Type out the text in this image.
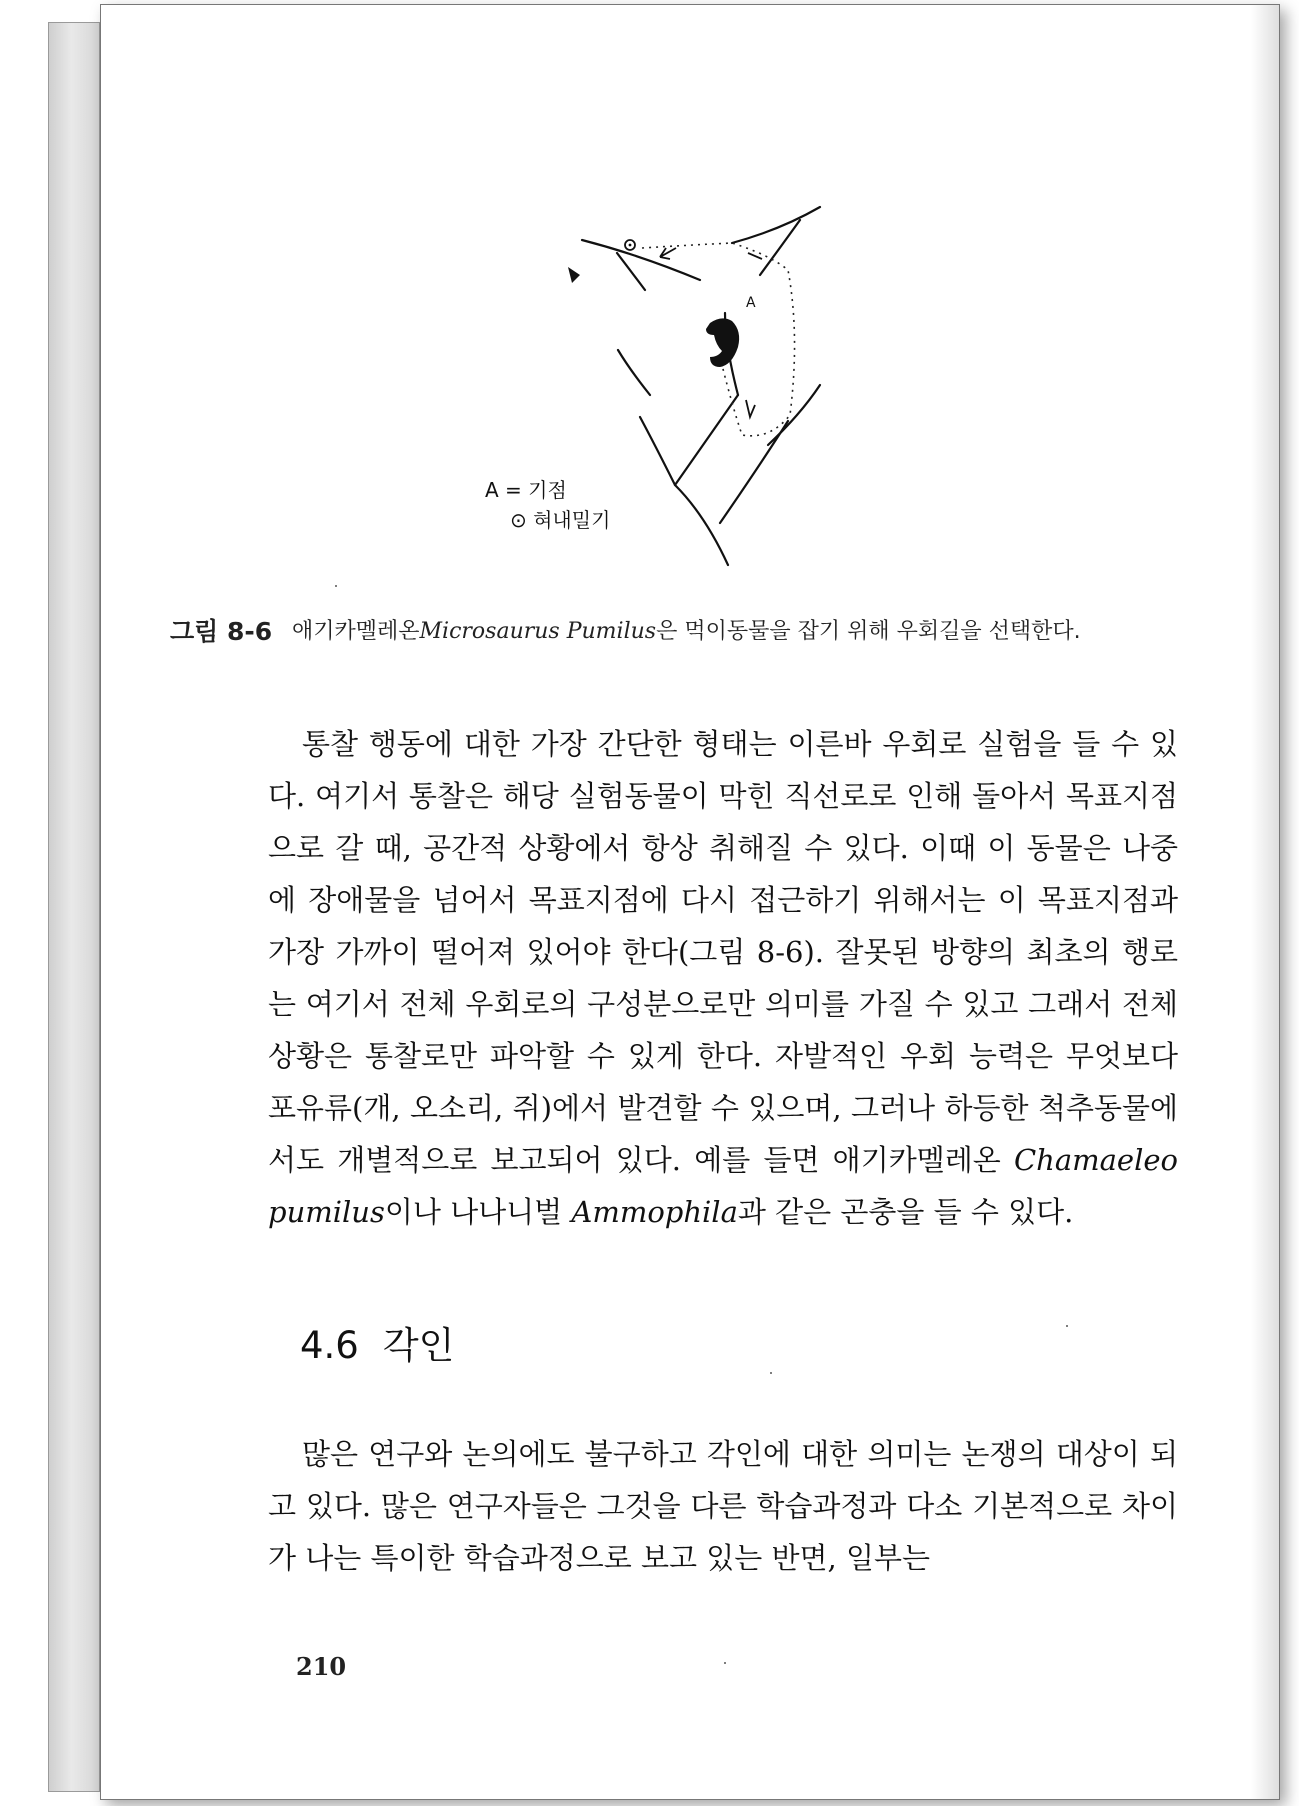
A
A = 기점
⊙ 혀내밀기
그림 8-6 애기카멜레온Microsaurus Pumilus은 먹이동물을 잡기 위해 우회길을 선택한다.
통찰 행동에 대한 가장 간단한 형태는 이른바 우회로 실험을 들 수 있다. 여기서 통찰은 해당 실험동물이 막힌 직선로로 인해 돌아서 목표지점으로 갈 때, 공간적 상황에서 항상 취해질 수 있다. 이때 이 동물은 나중에 장애물을 넘어서 목표지점에 다시 접근하기 위해서는 이 목표지점과 가장 가까이 떨어져 있어야 한다(그림 8-6). 잘못된 방향의 최초의 행로는 여기서 전체 우회로의 구성분으로만 의미를 가질 수 있고 그래서 전체 상황은 통찰로만 파악할 수 있게 한다. 자발적인 우회 능력은 무엇보다 포유류(개, 오소리, 쥐)에서 발견할 수 있으며, 그러나 하등한 척추동물에서도 개별적으로 보고되어 있다. 예를 들면 애기카멜레온 Chamaeleo pumilus이나 나나니벌 Ammophila과 같은 곤충을 들 수 있다.
4.6 각인
많은 연구와 논의에도 불구하고 각인에 대한 의미는 논쟁의 대상이 되고 있다. 많은 연구자들은 그것을 다른 학습과정과 다소 기본적으로 차이가 나는 특이한 학습과정으로 보고 있는 반면, 일부는
210
